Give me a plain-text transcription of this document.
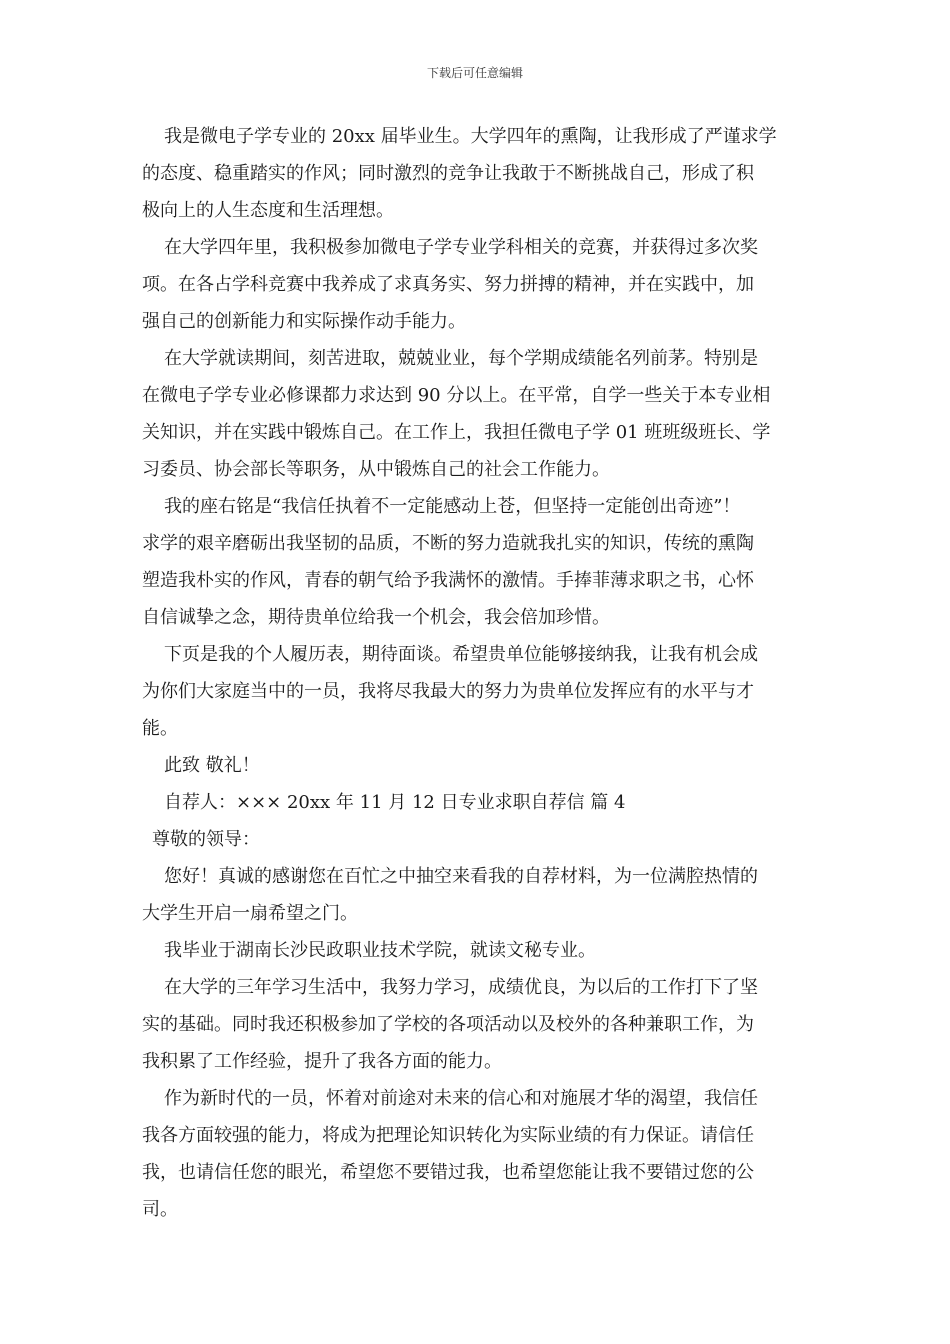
下载后可任意编辑
我是微电子学专业的 20xx 届毕业生。大学四年的熏陶，让我形成了严谨求学
的态度、稳重踏实的作风；同时激烈的竞争让我敢于不断挑战自己，形成了积
极向上的人生态度和生活理想。
在大学四年里，我积极参加微电子学专业学科相关的竞赛，并获得过多次奖
项。在各占学科竞赛中我养成了求真务实、努力拼搏的精神，并在实践中，加
强自己的创新能力和实际操作动手能力。
在大学就读期间，刻苦进取，兢兢业业，每个学期成绩能名列前茅。特别是
在微电子学专业必修课都力求达到 90 分以上。在平常，自学一些关于本专业相
关知识，并在实践中锻炼自己。在工作上，我担任微电子学 01 班班级班长、学
习委员、协会部长等职务，从中锻炼自己的社会工作能力。
我的座右铭是“我信任执着不一定能感动上苍，但坚持一定能创出奇迹”！
求学的艰辛磨砺出我坚韧的品质，不断的努力造就我扎实的知识，传统的熏陶
塑造我朴实的作风，青春的朝气给予我满怀的激情。手捧菲薄求职之书，心怀
自信诚挚之念，期待贵单位给我一个机会，我会倍加珍惜。
下页是我的个人履历表，期待面谈。希望贵单位能够接纳我，让我有机会成
为你们大家庭当中的一员，我将尽我最大的努力为贵单位发挥应有的水平与才
能。
此致 敬礼！
自荐人：××× 20xx 年 11 月 12 日专业求职自荐信 篇 4
尊敬的领导：
您好！真诚的感谢您在百忙之中抽空来看我的自荐材料，为一位满腔热情的
大学生开启一扇希望之门。
我毕业于湖南长沙民政职业技术学院，就读文秘专业。
在大学的三年学习生活中，我努力学习，成绩优良，为以后的工作打下了坚
实的基础。同时我还积极参加了学校的各项活动以及校外的各种兼职工作，为
我积累了工作经验，提升了我各方面的能力。
作为新时代的一员，怀着对前途对未来的信心和对施展才华的渴望，我信任
我各方面较强的能力，将成为把理论知识转化为实际业绩的有力保证。请信任
我，也请信任您的眼光，希望您不要错过我，也希望您能让我不要错过您的公
司。
